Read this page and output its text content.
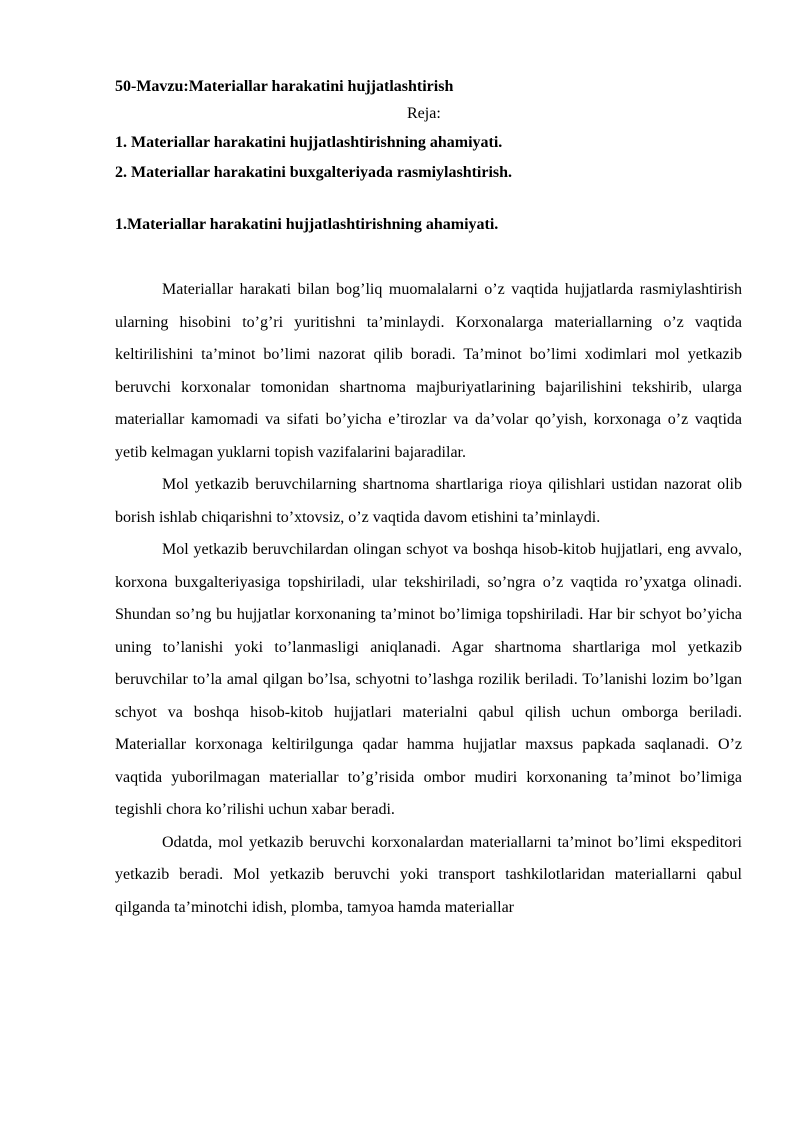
50-Mavzu:Materiallar harakatini hujjatlashtirish

Reja:

1. Materiallar harakatini hujjatlashtirishning ahamiyati.

2. Materiallar harakatini buxgalteriyada rasmiylashtirish.

1.Materiallar harakatini hujjatlashtirishning ahamiyati.

Materiallar harakati bilan bog’liq muomalalarni o’z vaqtida hujjatlarda rasmiylashtirish ularning hisobini to’g’ri yuritishni ta’minlaydi. Korxonalarga materiallarning o’z vaqtida keltirilishini ta’minot bo’limi nazorat qilib boradi. Ta’minot bo’limi xodimlari mol yetkazib beruvchi korxonalar tomonidan shartnoma majburiyatlarining bajarilishini tekshirib, ularga materiallar kamomadi va sifati bo’yicha e’tirozlar va da’volar qo’yish, korxonaga o’z vaqtida yetib kelmagan yuklarni topish vazifalarini bajaradilar.

Mol yetkazib beruvchilarning shartnoma shartlariga rioya qilishlari ustidan nazorat olib borish ishlab chiqarishni to’xtovsiz, o’z vaqtida davom etishini ta’minlaydi.

Mol yetkazib beruvchilardan olingan schyot va boshqa hisob-kitob hujjatlari, eng avvalo, korxona buxgalteriyasiga topshiriladi, ular tekshiriladi, so’ngra o’z vaqtida ro’yxatga olinadi. Shundan so’ng bu hujjatlar korxonaning ta’minot bo’limiga topshiriladi. Har bir schyot bo’yicha uning to’lanishi yoki to’lanmasligi aniqlanadi. Agar shartnoma shartlariga mol yetkazib beruvchilar to’la amal qilgan bo’lsa, schyotni to’lashga rozilik beriladi. To’lanishi lozim bo’lgan schyot va boshqa hisob-kitob hujjatlari materialni qabul qilish uchun omborga beriladi. Materiallar korxonaga keltirilgunga qadar hamma hujjatlar maxsus papkada saqlanadi. O’z vaqtida yuborilmagan materiallar to’g’risida ombor mudiri korxonaning ta’minot bo’limiga tegishli chora ko’rilishi uchun xabar beradi.

Odatda, mol yetkazib beruvchi korxonalardan materiallarni ta’minot bo’limi ekspeditori yetkazib beradi. Mol yetkazib beruvchi yoki transport tashkilotlaridan materiallarni qabul qilganda ta’minotchi idish, plomba, tamyoa hamda materiallar
